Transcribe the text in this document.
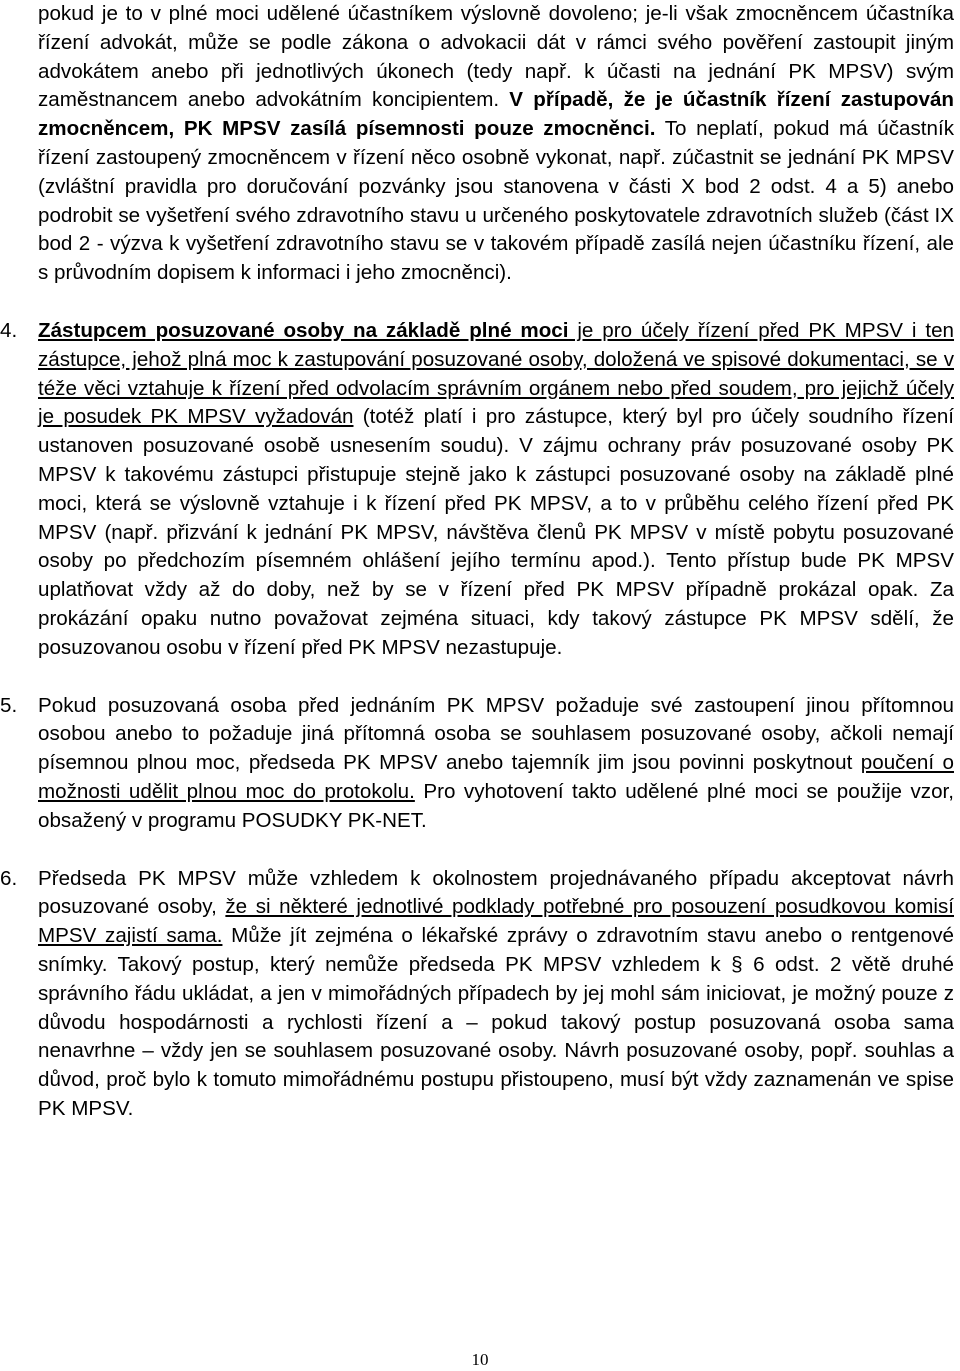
pokud je to v plné moci udělené účastníkem výslovně dovoleno; je-li však zmocněncem účastníka řízení advokát, může se podle zákona o advokacii dát v rámci svého pověření zastoupit jiným advokátem anebo při jednotlivých úkonech (tedy např. k účasti na jednání PK MPSV) svým zaměstnancem anebo advokátním koncipientem. V případě, že je účastník řízení zastupován zmocněncem, PK MPSV zasílá písemnosti pouze zmocněnci. To neplatí, pokud má účastník řízení zastoupený zmocněncem v řízení něco osobně vykonat, např. zúčastnit se jednání PK MPSV (zvláštní pravidla pro doručování pozvánky jsou stanovena v části X bod 2 odst. 4 a 5) anebo podrobit se vyšetření svého zdravotního stavu u určeného poskytovatele zdravotních služeb (část IX bod 2 - výzva k vyšetření zdravotního stavu se v takovém případě zasílá nejen účastníku řízení, ale s průvodním dopisem k informaci i jeho zmocněnci).

4. Zástupcem posuzované osoby na základě plné moci je pro účely řízení před PK MPSV i ten zástupce, jehož plná moc k zastupování posuzované osoby, doložená ve spisové dokumentaci, se v téže věci vztahuje k řízení před odvolacím správním orgánem nebo před soudem, pro jejichž účely je posudek PK MPSV vyžadován (totéž platí i pro zástupce, který byl pro účely soudního řízení ustanoven posuzované osobě usnesením soudu). V zájmu ochrany práv posuzované osoby PK MPSV k takovému zástupci přistupuje stejně jako k zástupci posuzované osoby na základě plné moci, která se výslovně vztahuje i k řízení před PK MPSV, a to v průběhu celého řízení před PK MPSV (např. přizvání k jednání PK MPSV, návštěva členů PK MPSV v místě pobytu posuzované osoby po předchozím písemném ohlášení jejího termínu apod.). Tento přístup bude PK MPSV uplatňovat vždy až do doby, než by se v řízení před PK MPSV případně prokázal opak. Za prokázání opaku nutno považovat zejména situaci, kdy takový zástupce PK MPSV sdělí, že posuzovanou osobu v řízení před PK MPSV nezastupuje.

5. Pokud posuzovaná osoba před jednáním PK MPSV požaduje své zastoupení jinou přítomnou osobou anebo to požaduje jiná přítomná osoba se souhlasem posuzované osoby, ačkoli nemají písemnou plnou moc, předseda PK MPSV anebo tajemník jim jsou povinni poskytnout poučení o možnosti udělit plnou moc do protokolu. Pro vyhotovení takto udělené plné moci se použije vzor, obsažený v programu POSUDKY PK-NET.

6. Předseda PK MPSV může vzhledem k okolnostem projednávaného případu akceptovat návrh posuzované osoby, že si některé jednotlivé podklady potřebné pro posouzení posudkovou komisí MPSV zajistí sama. Může jít zejména o lékařské zprávy o zdravotním stavu anebo o rentgenové snímky. Takový postup, který nemůže předseda PK MPSV vzhledem k § 6 odst. 2 větě druhé správního řádu ukládat, a jen v mimořádných případech by jej mohl sám iniciovat, je možný pouze z důvodu hospodárnosti a rychlosti řízení a – pokud takový postup posuzovaná osoba sama nenavrhne – vždy jen se souhlasem posuzované osoby. Návrh posuzované osoby, popř. souhlas a důvod, proč bylo k tomuto mimořádnému postupu přistoupeno, musí být vždy zaznamenán ve spise PK MPSV.

10
